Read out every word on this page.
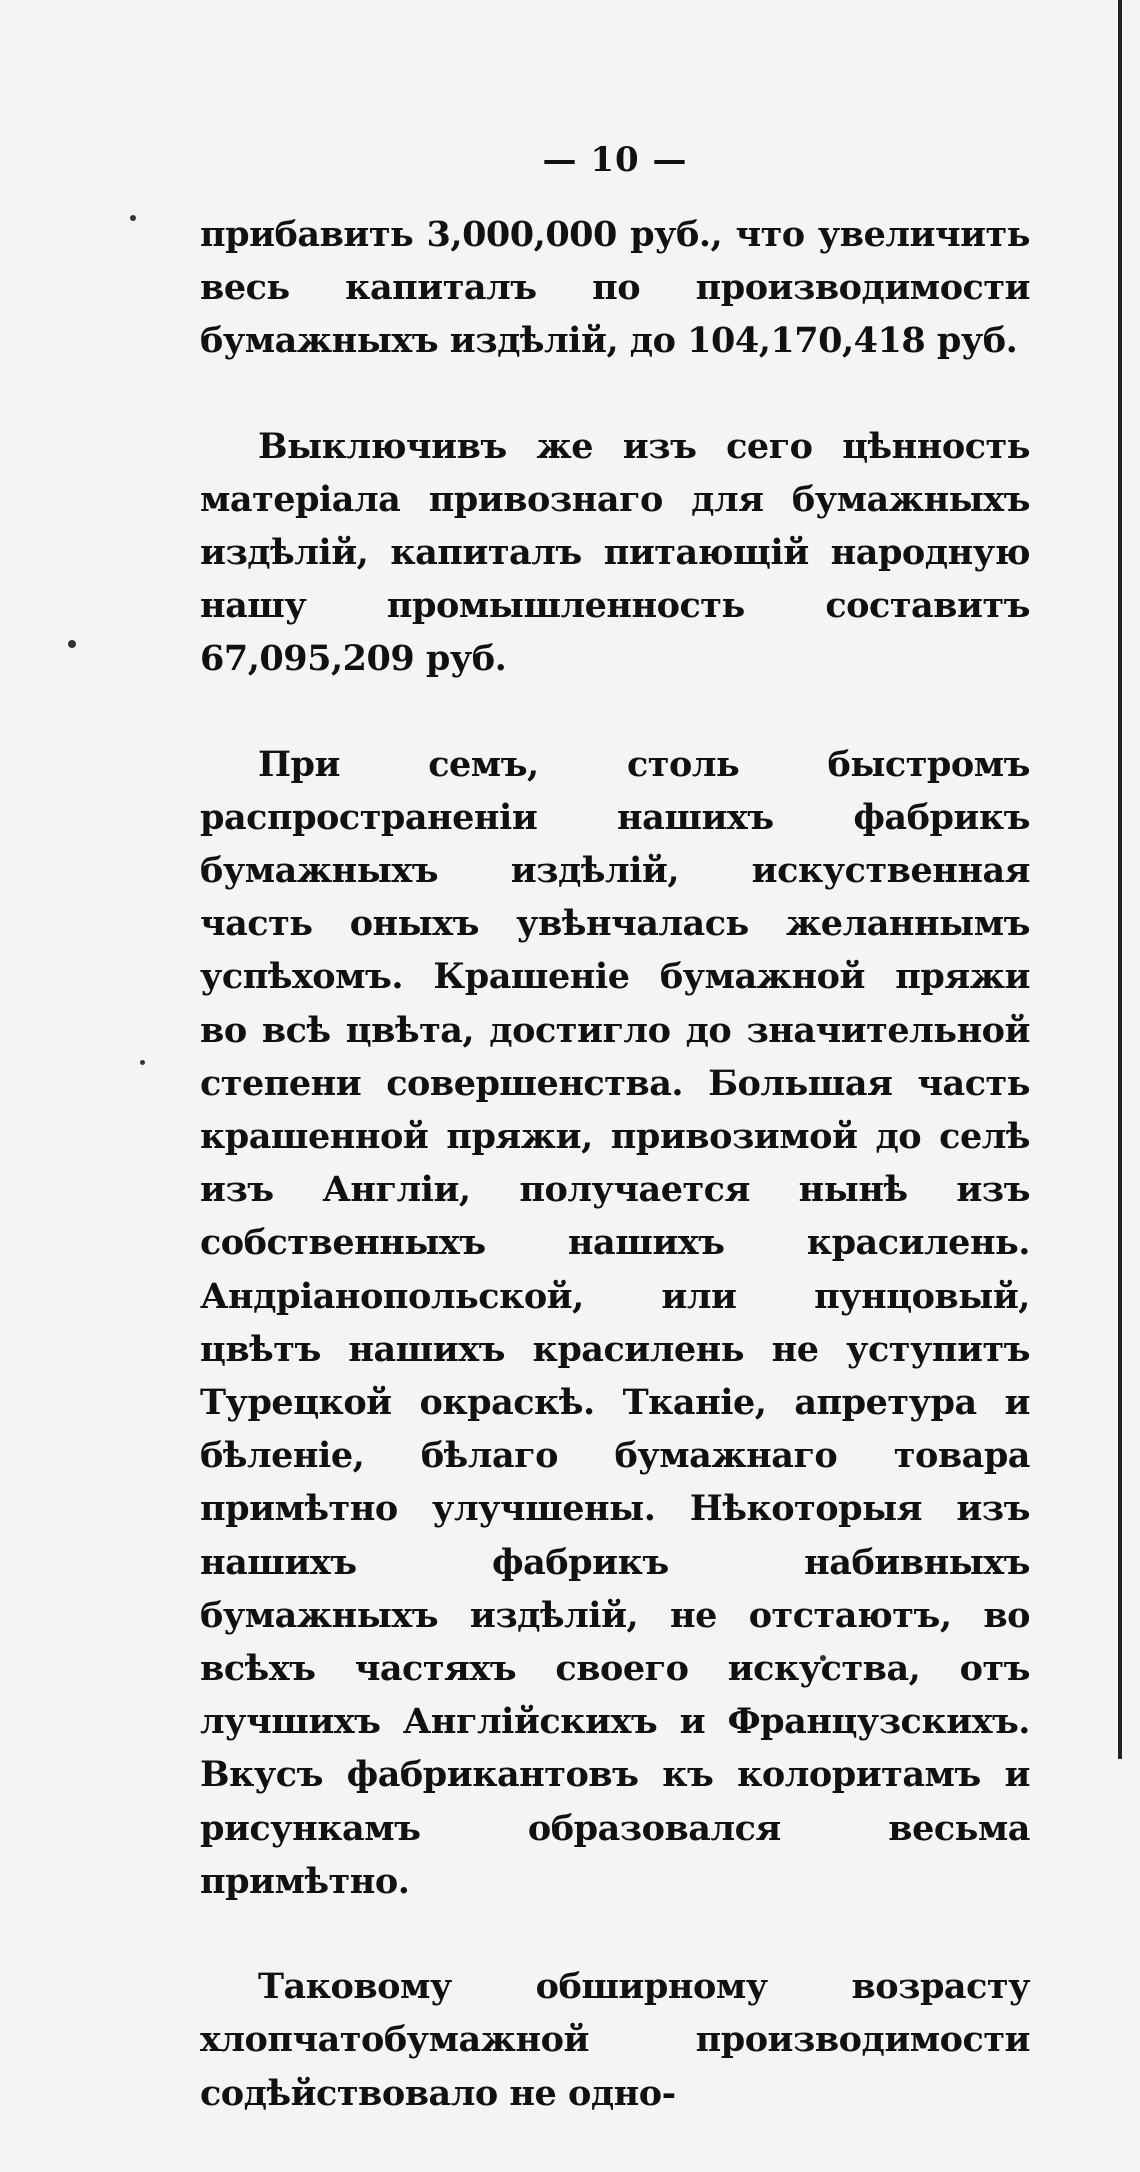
— 10 —

прибавить 3,000,000 руб., что увеличить весь капиталъ по производимости бумажныхъ издѣлій, до 104,170,418 руб.

Выключивъ же изъ сего цѣнность матеріала привознаго для бумажныхъ издѣлій, капиталъ питающій народную нашу промышленность составитъ 67,095,209 руб.

При семъ, столь быстромъ распространеніи нашихъ фабрикъ бумажныхъ издѣлій, искуственная часть оныхъ увѣнчалась желаннымъ успѣхомъ. Крашеніе бумажной пряжи во всѣ цвѣта, достигло до значительной степени совершенства. Большая часть крашенной пряжи, привозимой до селѣ изъ Англіи, получается нынѣ изъ собственныхъ нашихъ красилень. Андріанопольской, или пунцовый, цвѣтъ нашихъ красилень не уступитъ Турецкой окраскѣ. Тканіе, апретура и бѣленіе, бѣлаго бумажнаго товара примѣтно улучшены. Нѣкоторыя изъ нашихъ фабрикъ набивныхъ бумажныхъ издѣлій, не отстаютъ, во всѣхъ частяхъ своего искуства, отъ лучшихъ Англійскихъ и Французскихъ. Вкусъ фабрикантовъ къ колоритамъ и рисункамъ образовался весьма примѣтно.

Таковому обширному возрасту хлопчатобумажной производимости содѣйствовало не одно-
